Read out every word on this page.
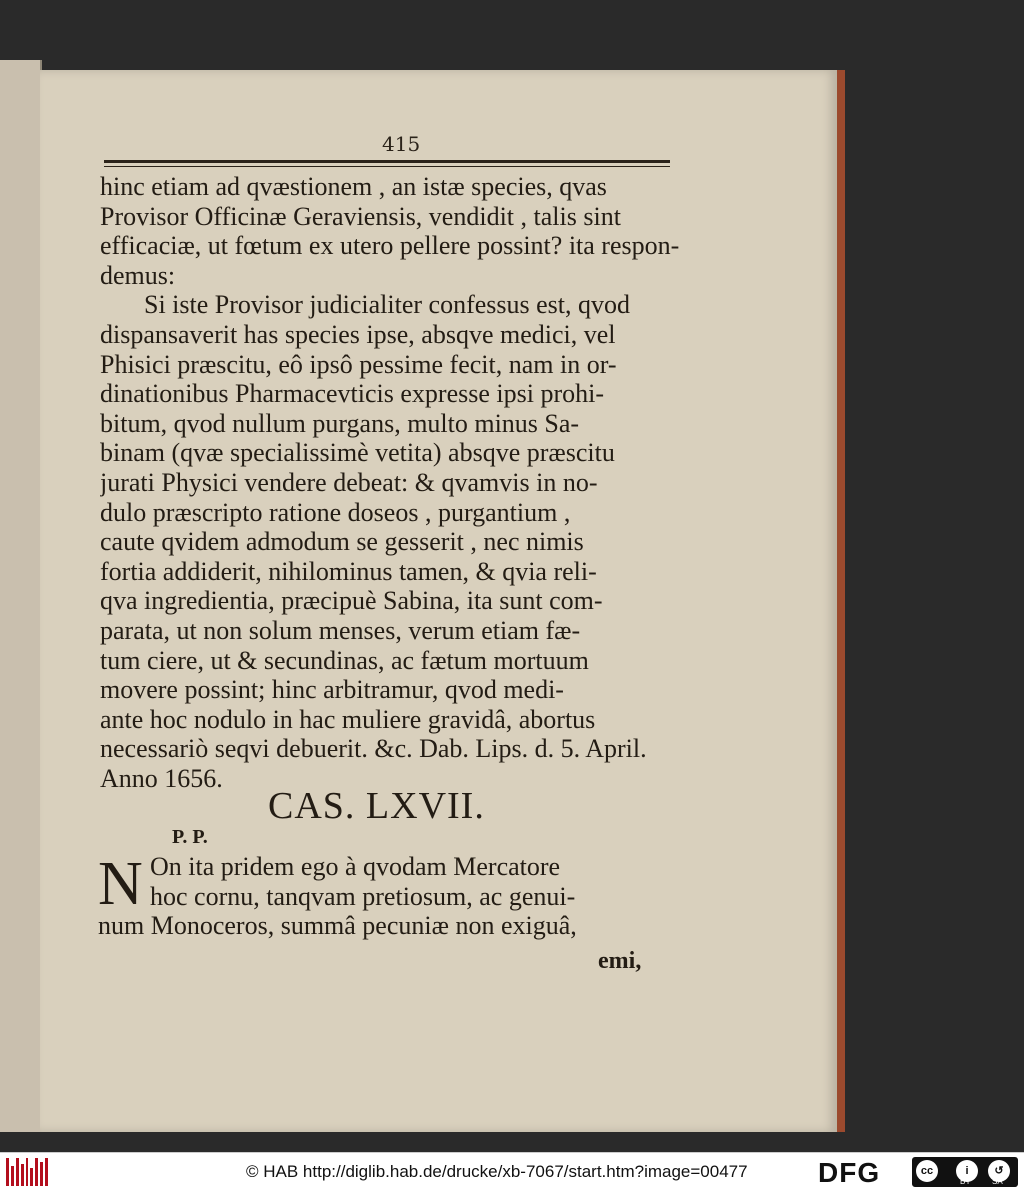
415
hinc etiam ad qvæstionem , an istæ species, qvas
Provisor Officinæ Geraviensis, vendidit , talis sint
efficaciæ, ut fœtum ex utero pellere possint? ita respon-
demus:
Si iste Provisor judicialiter confessus est, qvod
dispansaverit has species ipse, absqve medici, vel
Phisici præscitu, eô ipsô pessime fecit, nam in or-
dinationibus Pharmacevticis expresse ipsi prohi-
bitum, qvod nullum purgans, multo minus Sa-
binam (qvæ specialissimè vetita) absqve præscitu
jurati Physici vendere debeat: & qvamvis in no-
dulo præscripto ratione doseos , purgantium ,
caute qvidem admodum se gesserit , nec nimis
fortia addiderit, nihilominus tamen, & qvia reli-
qva ingredientia, præcipuè Sabina, ita sunt com-
parata, ut non solum menses, verum etiam fæ-
tum ciere, ut & secundinas, ac fætum mortuum
movere possint; hinc arbitramur, qvod medi-
ante hoc nodulo in hac muliere gravidâ, abortus
necessariò seqvi debuerit. &c. Dab. Lips. d. 5. April.
Anno 1656.
CAS. LXVII.
P. P.
N On ita pridem ego à qvodam Mercatore
hoc cornu, tanqvam pretiosum, ac genui-
num Monoceros, summâ pecuniæ non exiguâ,
emi,
© HAB http://diglib.hab.de/drucke/xb-7067/start.htm?image=00477	DFG	cc	i	↺
BY	SA
